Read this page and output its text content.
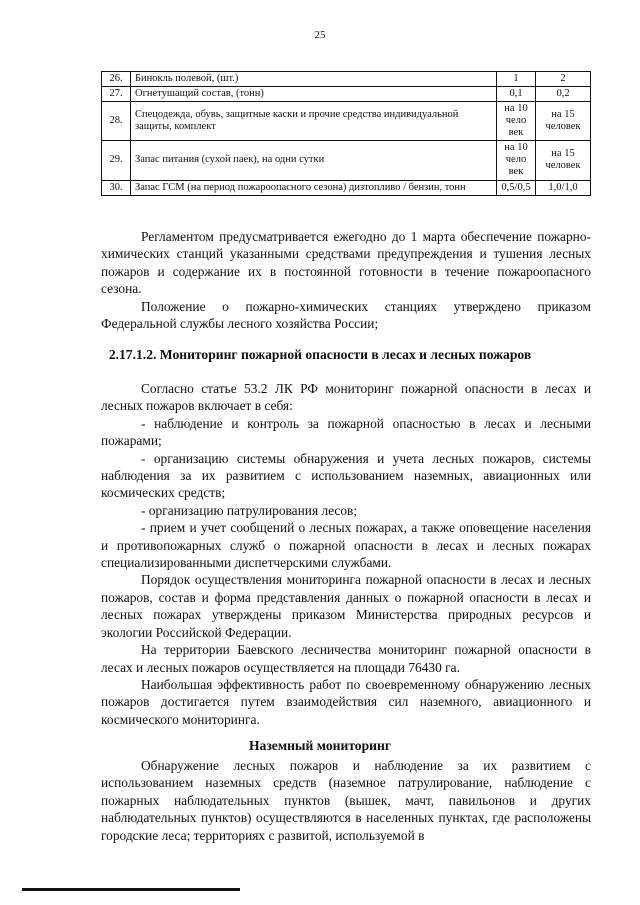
25
26.	Бинокль полевой, (шт.)	1	2
27.	Огнетушащий состав, (тонн)	0,1	0,2
28.	Спецодежда, обувь, защитные каски и прочие средства индивидуальной защиты, комплект	на 10 чело век	на 15 человек
29.	Запас питания (сухой паек), на одни сутки	на 10 чело век	на 15 человек
30.	Запас ГСМ (на период пожароопасного сезона) дизтопливо / бензин, тонн	0,5/0,5	1,0/1,0

Регламентом предусматривается ежегодно до 1 марта обеспечение пожарно-химических станций указанными средствами предупреждения и тушения лесных пожаров и содержание их в постоянной готовности в течение пожароопасного сезона.

Положение о пожарно-химических станциях утверждено приказом Федеральной службы лесного хозяйства России;

2.17.1.2. Мониторинг пожарной опасности в лесах и лесных пожаров

Согласно статье 53.2 ЛК РФ мониторинг пожарной опасности в лесах и лесных пожаров включает в себя:

- наблюдение и контроль за пожарной опасностью в лесах и лесными пожарами;

- организацию системы обнаружения и учета лесных пожаров, системы наблюдения за их развитием с использованием наземных, авиационных или космических средств;

- организацию патрулирования лесов;

- прием и учет сообщений о лесных пожарах, а также оповещение населения и противопожарных служб о пожарной опасности в лесах и лесных пожарах специализированными диспетчерскими службами.

Порядок осуществления мониторинга пожарной опасности в лесах и лесных пожаров, состав и форма представления данных о пожарной опасности в лесах и лесных пожарах утверждены приказом Министерства природных ресурсов и экологии Российской Федерации.

На территории Баевского лесничества мониторинг пожарной опасности в лесах и лесных пожаров осуществляется на площади 76430 га.

Наибольшая эффективность работ по своевременному обнаружению лесных пожаров достигается путем взаимодействия сил наземного, авиационного и космического мониторинга.

Наземный мониторинг

Обнаружение лесных пожаров и наблюдение за их развитием с использованием наземных средств (наземное патрулирование, наблюдение с пожарных наблюдательных пунктов (вышек, мачт, павильонов и других наблюдательных пунктов) осуществляются в населенных пунктах, где расположены городские леса; территориях с развитой, используемой в
